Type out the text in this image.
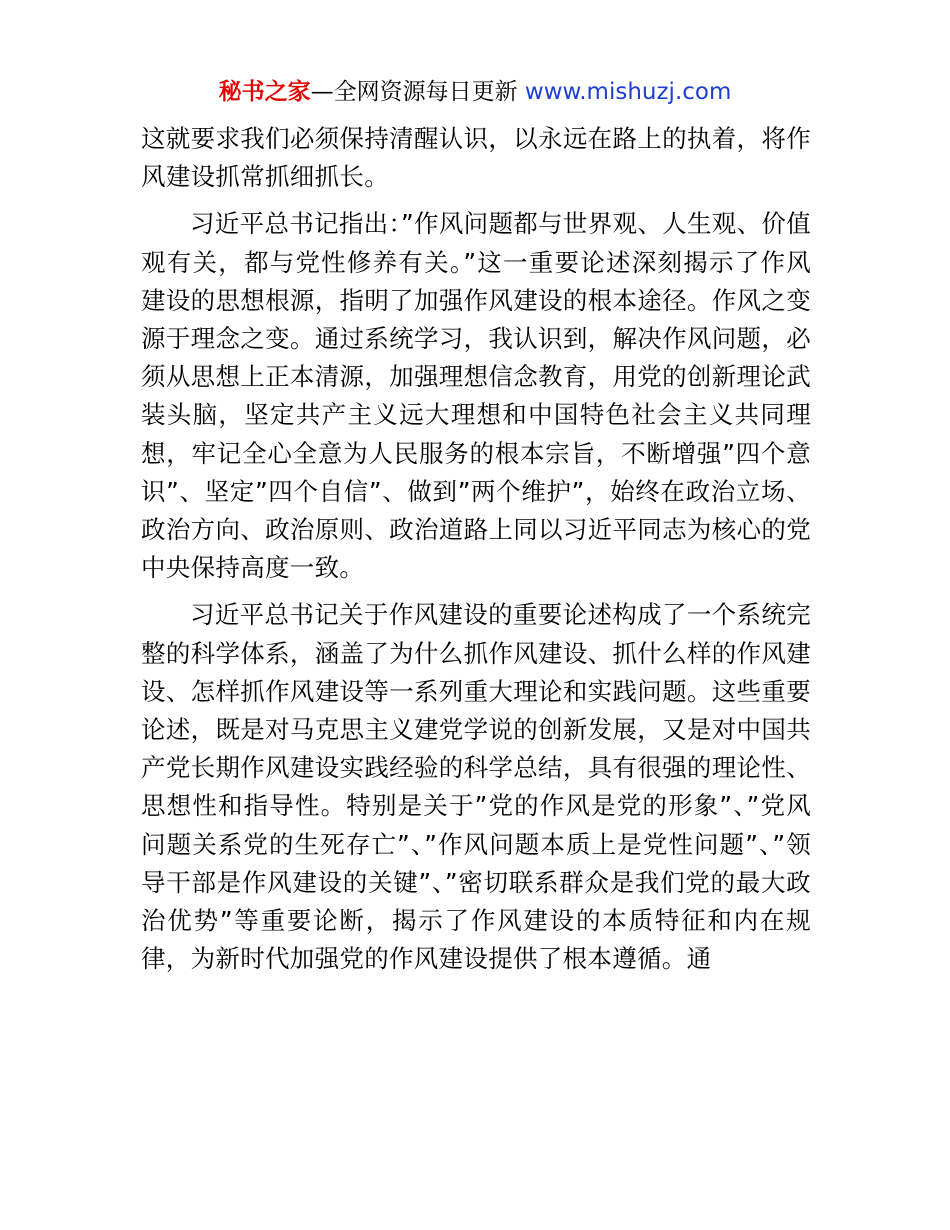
秘书之家—全网资源每日更新 www.mishuzj.com

这就要求我们必须保持清醒认识，以永远在路上的执着，将作风建设抓常抓细抓长。

习近平总书记指出：”作风问题都与世界观、人生观、价值观有关，都与党性修养有关。”这一重要论述深刻揭示了作风建设的思想根源，指明了加强作风建设的根本途径。作风之变源于理念之变。通过系统学习，我认识到，解决作风问题，必须从思想上正本清源，加强理想信念教育，用党的创新理论武装头脑，坚定共产主义远大理想和中国特色社会主义共同理想，牢记全心全意为人民服务的根本宗旨，不断增强”四个意识”、坚定”四个自信”、做到”两个维护”，始终在政治立场、政治方向、政治原则、政治道路上同以习近平同志为核心的党中央保持高度一致。

习近平总书记关于作风建设的重要论述构成了一个系统完整的科学体系，涵盖了为什么抓作风建设、抓什么样的作风建设、怎样抓作风建设等一系列重大理论和实践问题。这些重要论述，既是对马克思主义建党学说的创新发展，又是对中国共产党长期作风建设实践经验的科学总结，具有很强的理论性、思想性和指导性。特别是关于”党的作风是党的形象”、”党风问题关系党的生死存亡”、”作风问题本质上是党性问题”、”领导干部是作风建设的关键”、”密切联系群众是我们党的最大政治优势”等重要论断，揭示了作风建设的本质特征和内在规律，为新时代加强党的作风建设提供了根本遵循。通
